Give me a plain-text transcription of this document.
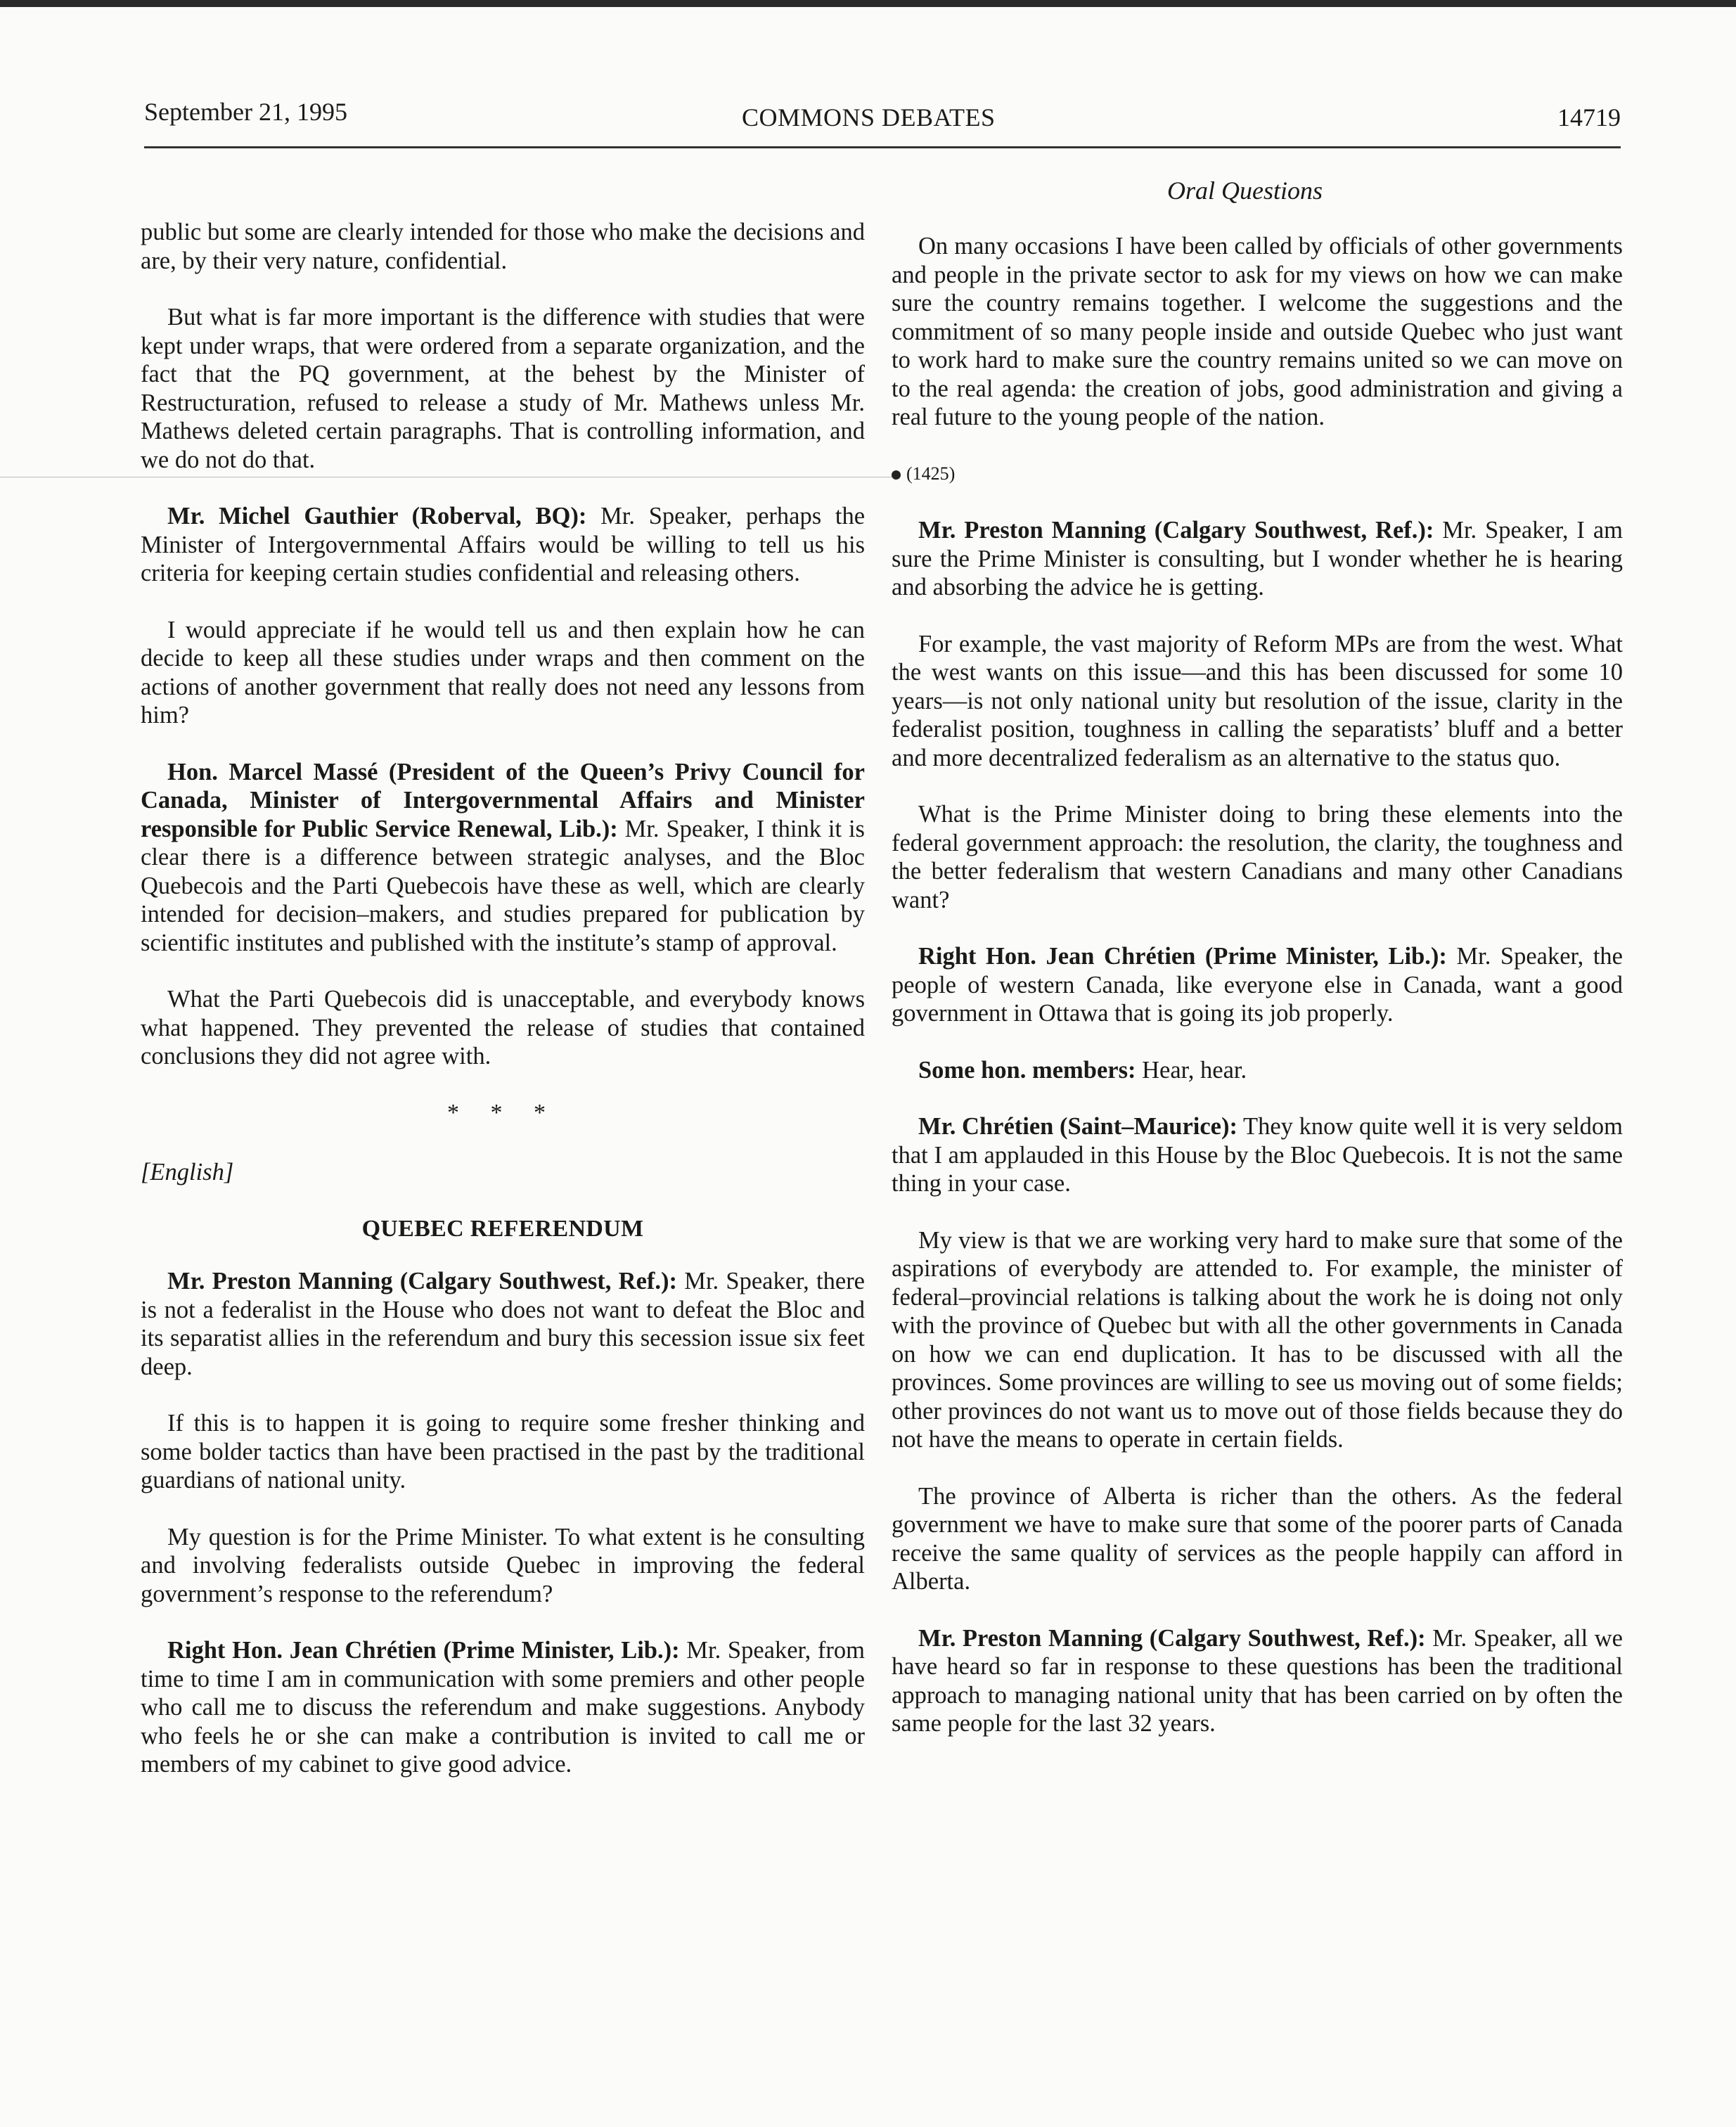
September 21, 1995	COMMONS DEBATES	14719
Oral Questions

public but some are clearly intended for those who make the decisions and are, by their very nature, confidential.

But what is far more important is the difference with studies that were kept under wraps, that were ordered from a separate organization, and the fact that the PQ government, at the behest by the Minister of Restructuration, refused to release a study of Mr. Mathews unless Mr. Mathews deleted certain paragraphs. That is controlling information, and we do not do that.

Mr. Michel Gauthier (Roberval, BQ): Mr. Speaker, perhaps the Minister of Intergovernmental Affairs would be willing to tell us his criteria for keeping certain studies confidential and releasing others.

I would appreciate if he would tell us and then explain how he can decide to keep all these studies under wraps and then comment on the actions of another government that really does not need any lessons from him?

Hon. Marcel Massé (President of the Queen’s Privy Council for Canada, Minister of Intergovernmental Affairs and Minister responsible for Public Service Renewal, Lib.): Mr. Speaker, I think it is clear there is a difference between strategic analyses, and the Bloc Quebecois and the Parti Quebecois have these as well, which are clearly intended for decision–makers, and studies prepared for publication by scientific institutes and published with the institute’s stamp of approval.

What the Parti Quebecois did is unacceptable, and everybody knows what happened. They prevented the release of studies that contained conclusions they did not agree with.

* * *
[English]
QUEBEC REFERENDUM

Mr. Preston Manning (Calgary Southwest, Ref.): Mr. Speaker, there is not a federalist in the House who does not want to defeat the Bloc and its separatist allies in the referendum and bury this secession issue six feet deep.

If this is to happen it is going to require some fresher thinking and some bolder tactics than have been practised in the past by the traditional guardians of national unity.

My question is for the Prime Minister. To what extent is he consulting and involving federalists outside Quebec in improving the federal government’s response to the referendum?

Right Hon. Jean Chrétien (Prime Minister, Lib.): Mr. Speaker, from time to time I am in communication with some premiers and other people who call me to discuss the referendum and make suggestions. Anybody who feels he or she can make a contribution is invited to call me or members of my cabinet to give good advice.

On many occasions I have been called by officials of other governments and people in the private sector to ask for my views on how we can make sure the country remains together. I welcome the suggestions and the commitment of so many people inside and outside Quebec who just want to work hard to make sure the country remains united so we can move on to the real agenda: the creation of jobs, good administration and giving a real future to the young people of the nation.

(1425)

Mr. Preston Manning (Calgary Southwest, Ref.): Mr. Speaker, I am sure the Prime Minister is consulting, but I wonder whether he is hearing and absorbing the advice he is getting.

For example, the vast majority of Reform MPs are from the west. What the west wants on this issue—and this has been discussed for some 10 years—is not only national unity but resolution of the issue, clarity in the federalist position, toughness in calling the separatists’ bluff and a better and more decentralized federalism as an alternative to the status quo.

What is the Prime Minister doing to bring these elements into the federal government approach: the resolution, the clarity, the toughness and the better federalism that western Canadians and many other Canadians want?

Right Hon. Jean Chrétien (Prime Minister, Lib.): Mr. Speaker, the people of western Canada, like everyone else in Canada, want a good government in Ottawa that is going its job properly.

Some hon. members: Hear, hear.

Mr. Chrétien (Saint–Maurice): They know quite well it is very seldom that I am applauded in this House by the Bloc Quebecois. It is not the same thing in your case.

My view is that we are working very hard to make sure that some of the aspirations of everybody are attended to. For example, the minister of federal–provincial relations is talking about the work he is doing not only with the province of Quebec but with all the other governments in Canada on how we can end duplication. It has to be discussed with all the provinces. Some provinces are willing to see us moving out of some fields; other provinces do not want us to move out of those fields because they do not have the means to operate in certain fields.

The province of Alberta is richer than the others. As the federal government we have to make sure that some of the poorer parts of Canada receive the same quality of services as the people happily can afford in Alberta.

Mr. Preston Manning (Calgary Southwest, Ref.): Mr. Speaker, all we have heard so far in response to these questions has been the traditional approach to managing national unity that has been carried on by often the same people for the last 32 years.
